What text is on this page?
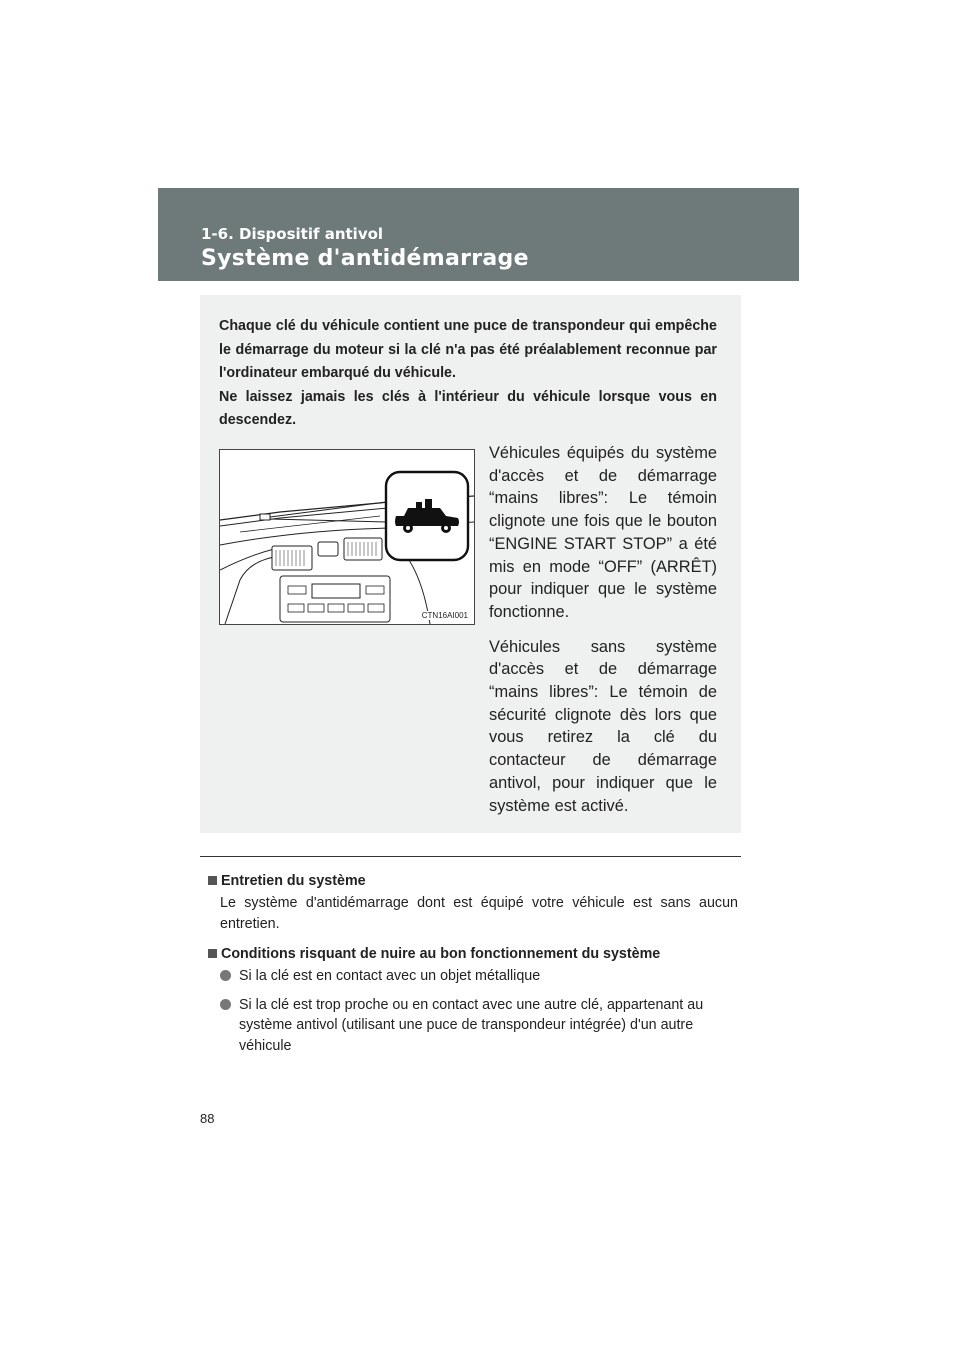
1-6. Dispositif antivol
Système d'antidémarrage

Chaque clé du véhicule contient une puce de transpondeur qui empêche le démarrage du moteur si la clé n'a pas été préalablement reconnue par l'ordinateur embarqué du véhicule.

Ne laissez jamais les clés à l'intérieur du véhicule lorsque vous en descendez.

CTN16AI001

Véhicules équipés du système d'accès et de démarrage “mains libres”: Le témoin clignote une fois que le bouton “ENGINE START STOP” a été mis en mode “OFF” (ARRÊT) pour indiquer que le système fonctionne.

Véhicules sans système d'accès et de démarrage “mains libres”: Le témoin de sécurité clignote dès lors que vous retirez la clé du contacteur de démarrage antivol, pour indiquer que le système est activé.

Entretien du système

Le système d'antidémarrage dont est équipé votre véhicule est sans aucun entretien.

Conditions risquant de nuire au bon fonctionnement du système
Si la clé est en contact avec un objet métallique
Si la clé est trop proche ou en contact avec une autre clé, appartenant au système antivol (utilisant une puce de transpondeur intégrée) d'un autre véhicule
88
